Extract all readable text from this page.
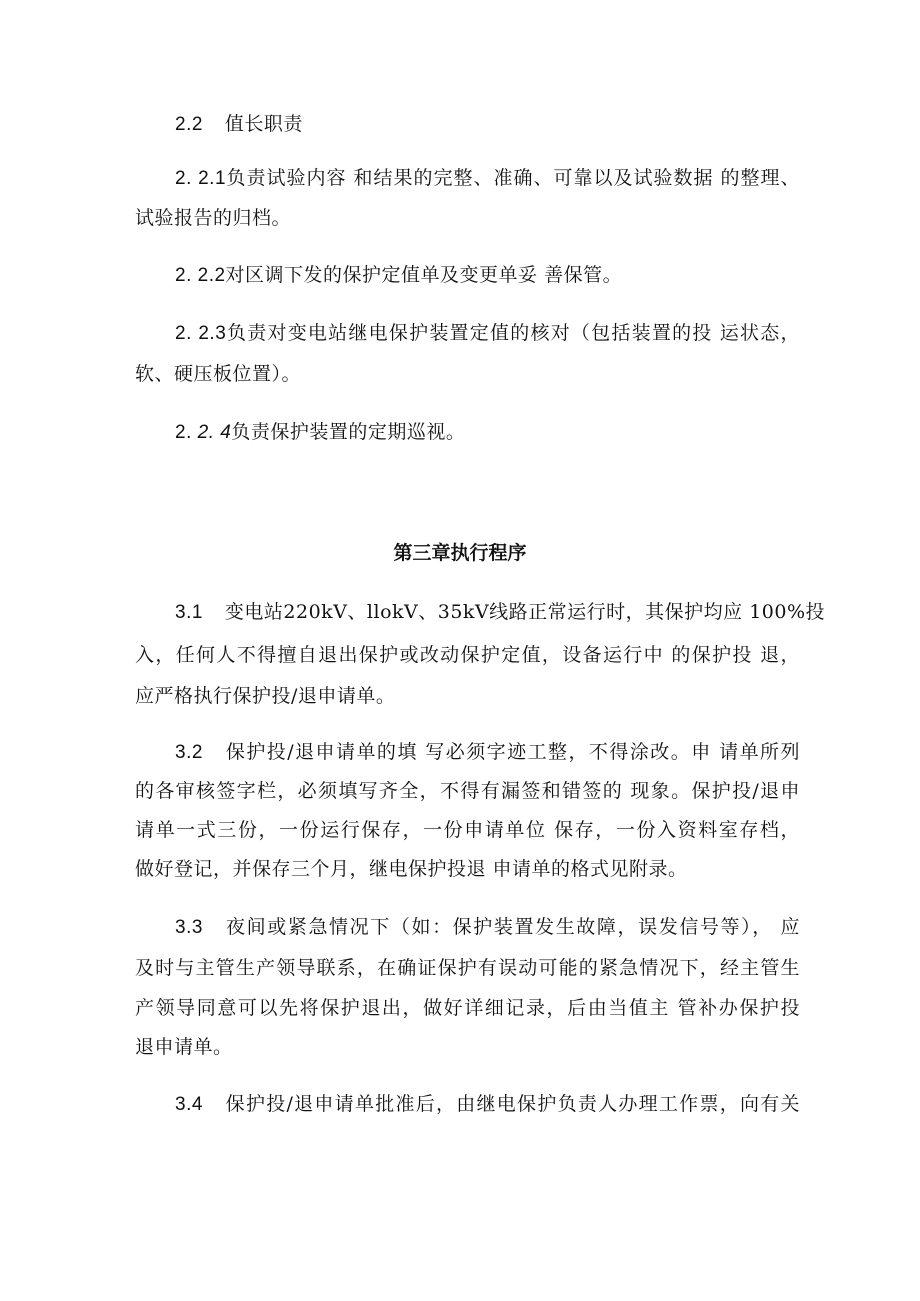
2.2 值长职责
2. 2.1负责试验内容 和结果的完整、准确、可靠以及试验数据 的整理、
试验报告的归档。
2. 2.2对区调下发的保护定值单及变更单妥 善保管。
2. 2.3负责对变电站继电保护装置定值的核对（包括装置的投 运状态，
软、硬压板位置）。
2. 2. 4负责保护装置的定期巡视。
第三章执行程序
3.1 变电站220kV、llokV、35kV线路正常运行时，其保护均应 100%投
入，任何人不得擅自退出保护或改动保护定值，设备运行中 的保护投 退，
应严格执行保护投/退申请单。
3.2 保护投/退申请单的填 写必须字迹工整，不得涂改。申 请单所列
的各审核签字栏，必须填写齐全，不得有漏签和错签的 现象。保护投/退申
请单一式三份，一份运行保存，一份申请单位 保存，一份入资料室存档，
做好登记，并保存三个月，继电保护投退 申请单的格式见附录。
3.3 夜间或紧急情况下（如：保护装置发生故障，误发信号等）， 应
及时与主管生产领导联系，在确证保护有误动可能的紧急情况下，经主管生
产领导同意可以先将保护退出，做好详细记录，后由当值主 管补办保护投
退申请单。
3.4 保护投/退申请单批准后，由继电保护负责人办理工作票，向有关
